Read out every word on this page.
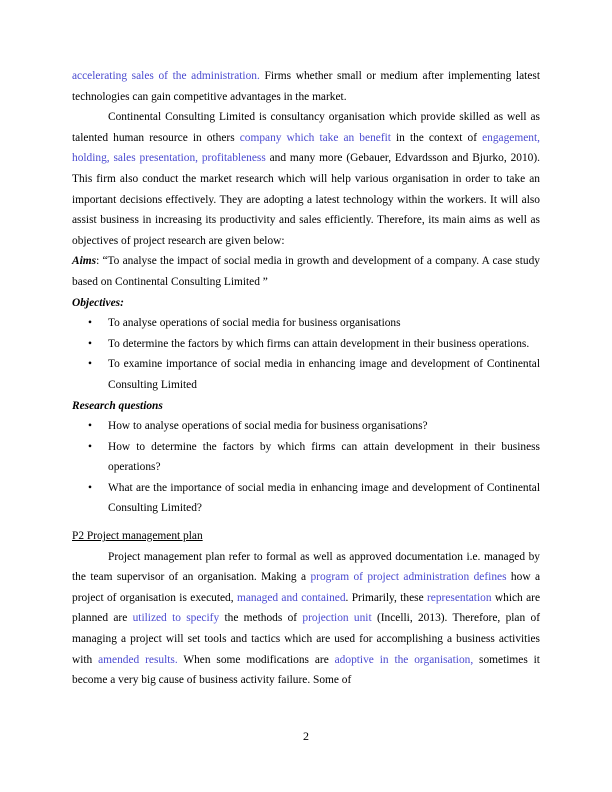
accelerating sales of the administration. Firms whether small or medium after implementing latest technologies can gain competitive advantages in the market.

Continental Consulting Limited is consultancy organisation which provide skilled as well as talented human resource in others company which take an benefit in the context of engagement, holding, sales presentation, profitableness and many more (Gebauer, Edvardsson and Bjurko, 2010). This firm also conduct the market research which will help various organisation in order to take an important decisions effectively. They are adopting a latest technology within the workers. It will also assist business in increasing its productivity and sales efficiently. Therefore, its main aims as well as objectives of project research are given below:

Aims: “To analyse the impact of social media in growth and development of a company. A case study based on Continental Consulting Limited ”

Objectives:

• To analyse operations of social media for business organisations
• To determine the factors by which firms can attain development in their business operations.
• To examine importance of social media in enhancing image and development of Continental Consulting Limited

Research questions

• How to analyse operations of social media for business organisations?
• How to determine the factors by which firms can attain development in their business operations?
• What are the importance of social media in enhancing image and development of Continental Consulting Limited?

P2 Project management plan

Project management plan refer to formal as well as approved documentation i.e. managed by the team supervisor of an organisation. Making a program of project administration defines how a project of organisation is executed, managed and contained. Primarily, these representation which are planned are utilized to specify the methods of projection unit (Incelli, 2013). Therefore, plan of managing a project will set tools and tactics which are used for accomplishing a business activities with amended results. When some modifications are adoptive in the organisation, sometimes it become a very big cause of business activity failure. Some of

2
